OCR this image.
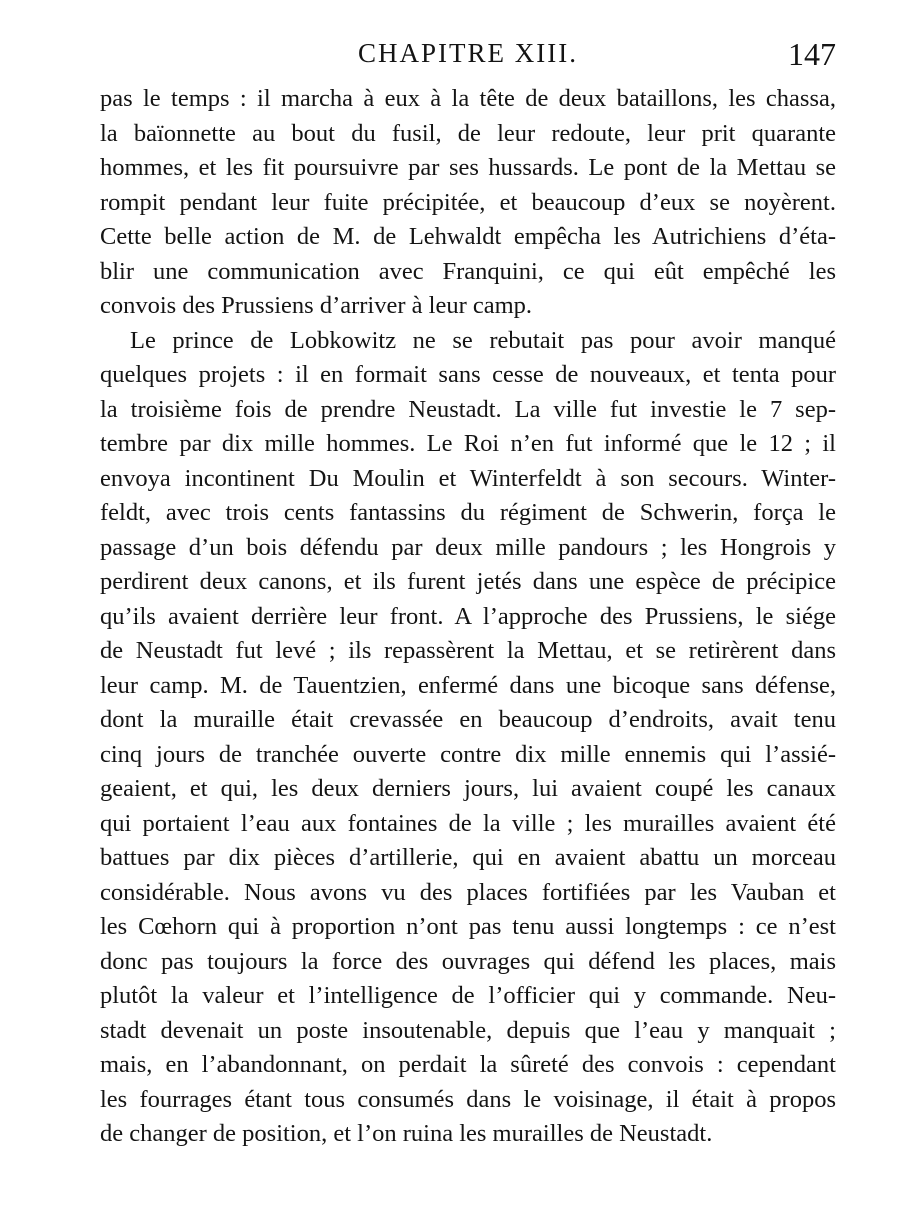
CHAPITRE XIII.	147
pas le temps : il marcha à eux à la tête de deux bataillons, les chassa,
la baïonnette au bout du fusil, de leur redoute, leur prit quarante
hommes, et les fit poursuivre par ses hussards. Le pont de la Mettau se
rompit pendant leur fuite précipitée, et beaucoup d’eux se noyèrent.
Cette belle action de M. de Lehwaldt empêcha les Autrichiens d’éta-
blir une communication avec Franquini, ce qui eût empêché les
convois des Prussiens d’arriver à leur camp.
Le prince de Lobkowitz ne se rebutait pas pour avoir manqué
quelques projets : il en formait sans cesse de nouveaux, et tenta pour
la troisième fois de prendre Neustadt. La ville fut investie le 7 sep-
tembre par dix mille hommes. Le Roi n’en fut informé que le 12 ; il
envoya incontinent Du Moulin et Winterfeldt à son secours. Winter-
feldt, avec trois cents fantassins du régiment de Schwerin, força le
passage d’un bois défendu par deux mille pandours ; les Hongrois y
perdirent deux canons, et ils furent jetés dans une espèce de précipice
qu’ils avaient derrière leur front. A l’approche des Prussiens, le siége
de Neustadt fut levé ; ils repassèrent la Mettau, et se retirèrent dans
leur camp. M. de Tauentzien, enfermé dans une bicoque sans défense,
dont la muraille était crevassée en beaucoup d’endroits, avait tenu
cinq jours de tranchée ouverte contre dix mille ennemis qui l’assié-
geaient, et qui, les deux derniers jours, lui avaient coupé les canaux
qui portaient l’eau aux fontaines de la ville ; les murailles avaient été
battues par dix pièces d’artillerie, qui en avaient abattu un morceau
considérable. Nous avons vu des places fortifiées par les Vauban et
les Cœhorn qui à proportion n’ont pas tenu aussi longtemps : ce n’est
donc pas toujours la force des ouvrages qui défend les places, mais
plutôt la valeur et l’intelligence de l’officier qui y commande. Neu-
stadt devenait un poste insoutenable, depuis que l’eau y manquait ;
mais, en l’abandonnant, on perdait la sûreté des convois : cependant
les fourrages étant tous consumés dans le voisinage, il était à propos
de changer de position, et l’on ruina les murailles de Neustadt.
